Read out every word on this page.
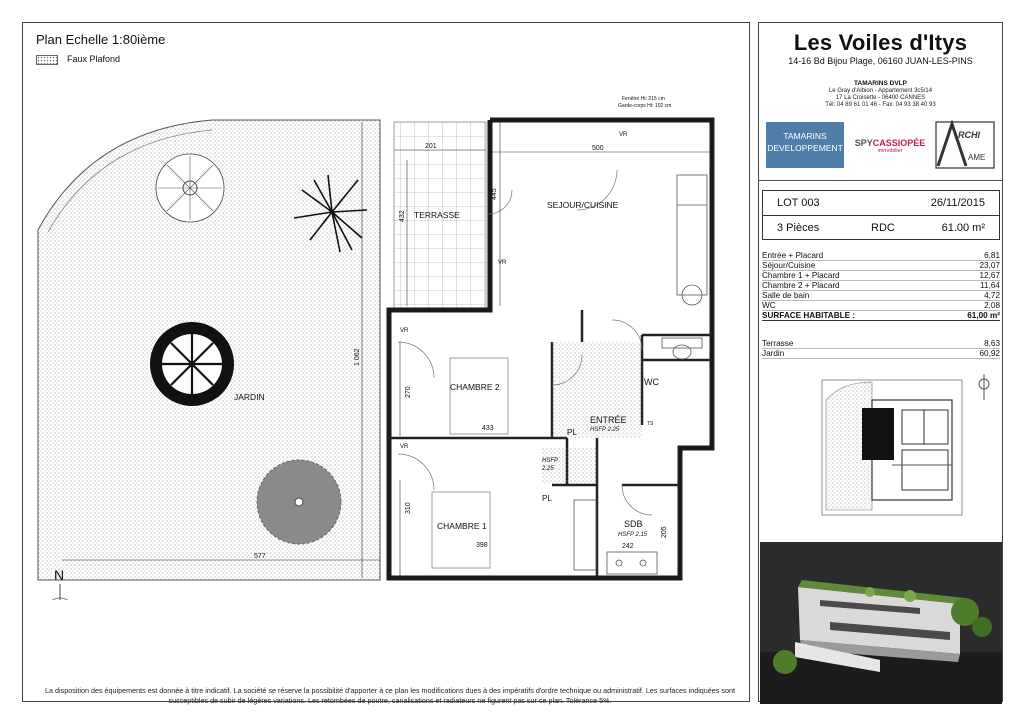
Plan Echelle 1:80ième
Faux Plafond
Fenêtre Ht: 215 cm
Garde-corps Ht: 102 cm
TERRASSE
SEJOUR/CUISINE
JARDIN
CHAMBRE 2
CHAMBRE 1
ENTRÉE
HSFP 2.25
HSFP
2.25
WC
SDB
HSFP 2.15
PL
PL
VR
VR
VR
VR
TS
201	500
445
432
1 062
270
433
310
398
577
242
205
N
La disposition des équipements est donnée à titre indicatif. La société se réserve la possibilité d'apporter à ce plan les modifications dues à des impératifs d'ordre technique ou administratif. Les surfaces indiquées sont susceptibles de subir de légères variations. Les retombées de poutre, canalisations et radiateurs ne figurent pas sur ce plan. Tolérance 5%.
Les Voiles d'Itys
14-16 Bd Bijou Plage, 06160 JUAN-LES-PINS
TAMARINS DVLP
Le Gray d'Albion - Appartement 3c5/14
17 La Croisette - 06400 CANNES
Tél: 04 89 61 01 46 - Fax: 04 93 38 40 93
TAMARINS
DEVELOPPEMENT	SPYCASSIOPÉE
immobilier
RCHI
AME
LOT 003	26/11/2015
3 Pièces	RDC	61.00 m²
Entrée + Placard	6,81
Séjour/Cuisine	23,07
Chambre 1 + Placard	12,67
Chambre 2 + Placard	11,64
Salle de bain	4,72
WC	2,08
SURFACE HABITABLE :	61,00 m²
Terrasse	8,63
Jardin	60,92
